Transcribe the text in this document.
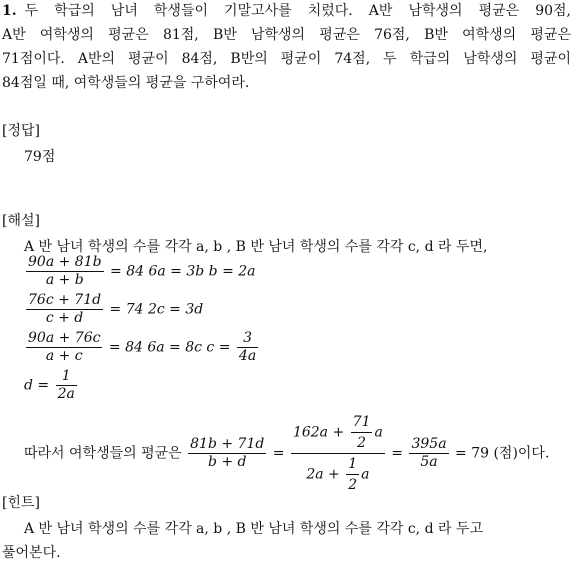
1. 두 학급의 남녀 학생들이 기말고사를 치렀다. A반 남학생의 평균은 90점,
A반 여학생의 평균은 81점, B반 남학생의 평균은 76점, B반 여학생의 평균은
71점이다. A반의 평균이 84점, B반의 평균이 74점, 두 학급의 남학생의 평균이
84점일 때, 여학생들의 평균을 구하여라.
[정답]
79점
[해설]
A 반 남녀 학생의 수를 각각 a, b , B 반 남녀 학생의 수를 각각 c, d 라 두면,
$\frac{90a + 81b}{a + b} = 84$ 6a = 3b b = 2a
$\frac{76c + 71d}{c + d} = 74$ 2c = 3d
$\frac{90a + 76c}{a + c} = 84$ 6a = 8c $c = \frac{3}{4a}$
$d = \frac{1}{2a}$
따라서 여학생들의 평균은 $\frac{81b + 71d}{b + d} = \frac{162a + \frac{71}{2} a}{2a + \frac{1}{2} a} = \frac{395a}{5a} = 79$ (점)이다.
[힌트]
A 반 남녀 학생의 수를 각각 a, b , B 반 남녀 학생의 수를 각각 c, d 라 두고
풀어본다.
